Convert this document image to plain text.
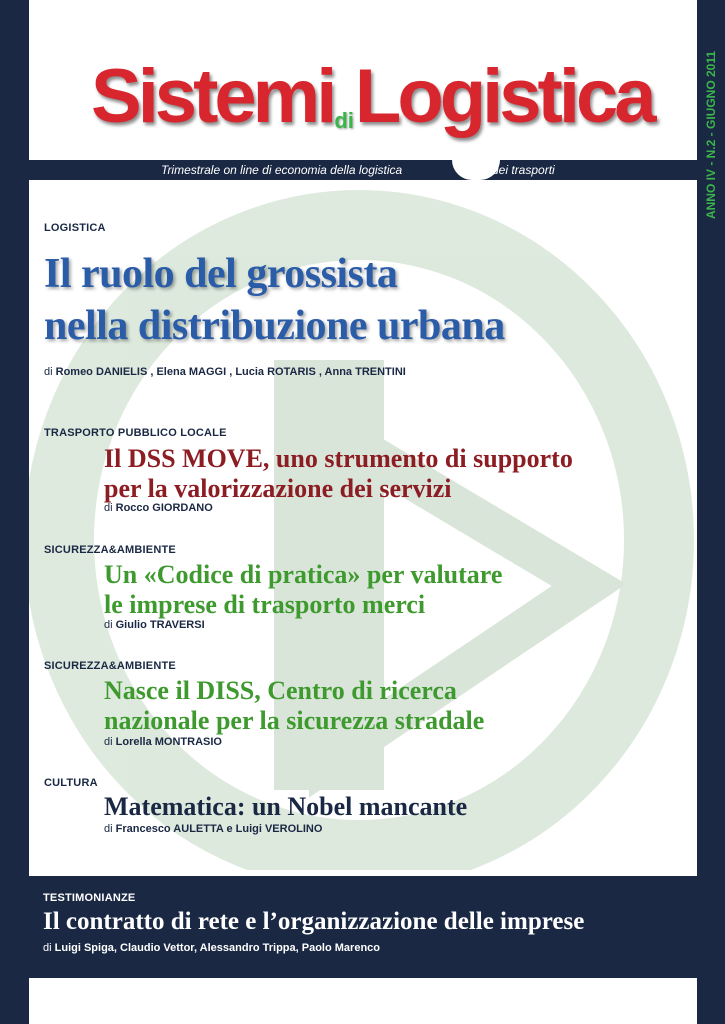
ANNO IV - N.2 - GIUGNO 2011
SistemidiLogistica
Trimestrale on line di economia della logistica	e dei trasporti
LOGISTICA
Il ruolo del grossista
nella distribuzione urbana
di Romeo DANIELIS , Elena MAGGI , Lucia ROTARIS , Anna TRENTINI
TRASPORTO PUBBLICO LOCALE
Il DSS MOVE, uno strumento di supporto
per la valorizzazione dei servizi
di Rocco GIORDANO
SICUREZZA&AMBIENTE
Un «Codice di pratica» per valutare
le imprese di trasporto merci
di Giulio TRAVERSI
SICUREZZA&AMBIENTE
Nasce il DISS, Centro di ricerca
nazionale per la sicurezza stradale
di Lorella MONTRASIO
CULTURA
Matematica: un Nobel mancante
di Francesco AULETTA e Luigi VEROLINO
TESTIMONIANZE
Il contratto di rete e l’organizzazione delle imprese
di Luigi Spiga, Claudio Vettor, Alessandro Trippa, Paolo Marenco
